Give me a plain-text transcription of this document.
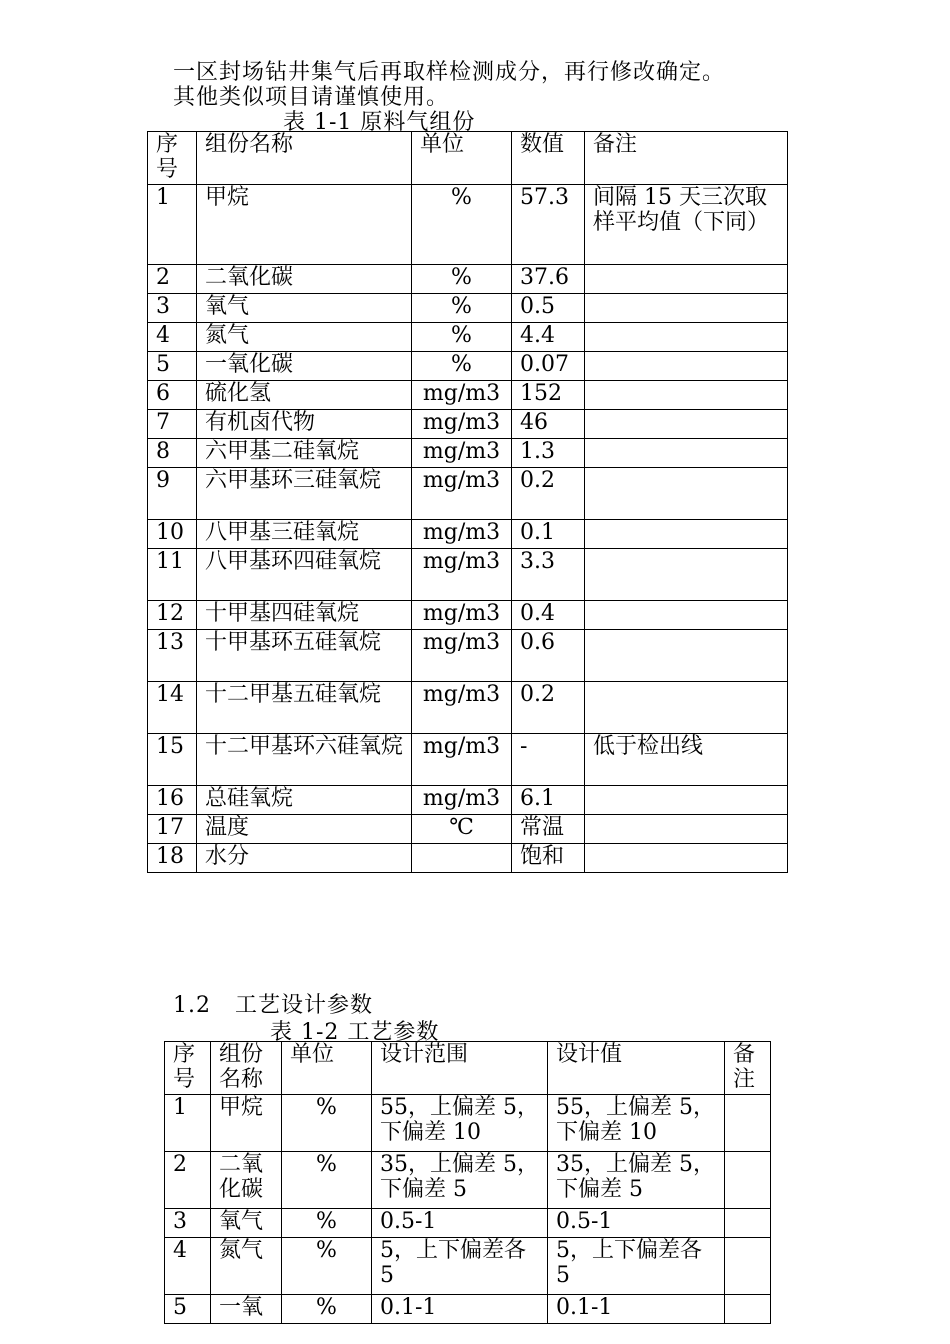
一区封场钻井集气后再取样检测成分，再行修改确定。
其他类似项目请谨慎使用。
表 1-1 原料气组份
序号	组份名称	单位	数值	备注
1	甲烷	%	57.3	间隔 15 天三次取样平均值（下同）
2	二氧化碳	%	37.6	
3	氧气	%	0.5	
4	氮气	%	4.4	
5	一氧化碳	%	0.07	
6	硫化氢	mg/m3	152	
7	有机卤代物	mg/m3	46	
8	六甲基二硅氧烷	mg/m3	1.3	
9	六甲基环三硅氧烷	mg/m3	0.2	
10	八甲基三硅氧烷	mg/m3	0.1	
11	八甲基环四硅氧烷	mg/m3	3.3	
12	十甲基四硅氧烷	mg/m3	0.4	
13	十甲基环五硅氧烷	mg/m3	0.6	
14	十二甲基五硅氧烷	mg/m3	0.2	
15	十二甲基环六硅氧烷	mg/m3	-	低于检出线
16	总硅氧烷	mg/m3	6.1	
17	温度	℃	常温	
18	水分		饱和	
1.2 工艺设计参数
表 1-2 工艺参数
序号	组份名称	单位	设计范围	设计值	备注
1	甲烷	%	55，上偏差 5，下偏差 10	55，上偏差 5，下偏差 10	
2	二氧化碳	%	35，上偏差 5，下偏差 5	35，上偏差 5，下偏差 5	
3	氧气	%	0.5-1	0.5-1	
4	氮气	%	5，上下偏差各 5	5，上下偏差各 5	
5	一氧	%	0.1-1	0.1-1	
